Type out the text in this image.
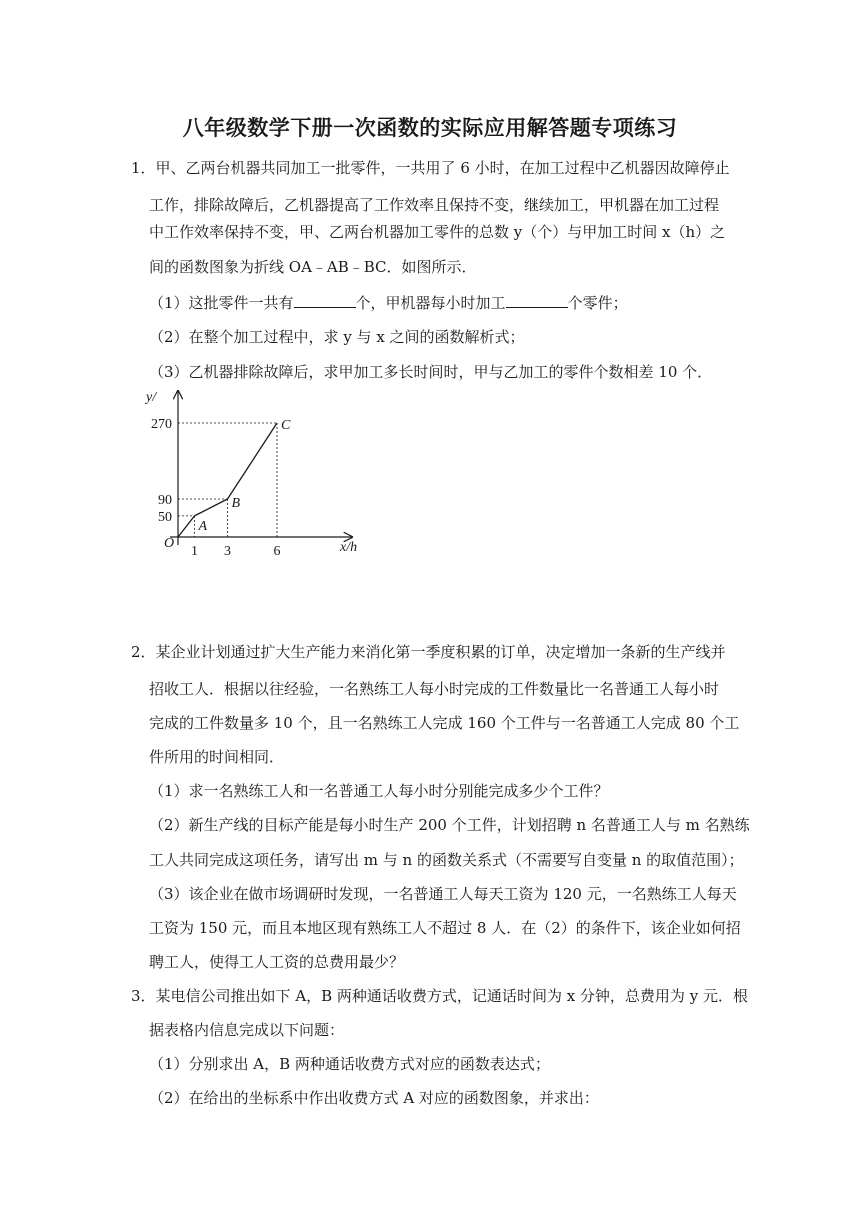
八年级数学下册一次函数的实际应用解答题专项练习
1．甲、乙两台机器共同加工一批零件，一共用了 6 小时，在加工过程中乙机器因故障停止
工作，排除故障后，乙机器提高了工作效率且保持不变，继续加工，甲机器在加工过程
中工作效率保持不变，甲、乙两台机器加工零件的总数 y（个）与甲加工时间 x（h）之
间的函数图象为折线 OA﹣AB﹣BC．如图所示．
（1）这批零件一共有	个，甲机器每小时加工	个零件；
（2）在整个加工过程中，求 y 与 x 之间的函数解析式；
（3）乙机器排除故障后，求甲加工多长时间时，甲与乙加工的零件个数相差 10 个．
O
A
B
C
50
90
270
1 3	6
y/
x/h
2．某企业计划通过扩大生产能力来消化第一季度积累的订单，决定增加一条新的生产线并
招收工人．根据以往经验，一名熟练工人每小时完成的工件数量比一名普通工人每小时
完成的工件数量多 10 个，且一名熟练工人完成 160 个工件与一名普通工人完成 80 个工
件所用的时间相同．
（1）求一名熟练工人和一名普通工人每小时分别能完成多少个工件？
（2）新生产线的目标产能是每小时生产 200 个工件，计划招聘 n 名普通工人与 m 名熟练
工人共同完成这项任务，请写出 m 与 n 的函数关系式（不需要写自变量 n 的取值范围）；
（3）该企业在做市场调研时发现，一名普通工人每天工资为 120 元，一名熟练工人每天
工资为 150 元，而且本地区现有熟练工人不超过 8 人．在（2）的条件下，该企业如何招
聘工人，使得工人工资的总费用最少？
3．某电信公司推出如下 A，B 两种通话收费方式，记通话时间为 x 分钟，总费用为 y 元．根
据表格内信息完成以下问题：
（1）分别求出 A，B 两种通话收费方式对应的函数表达式；
（2）在给出的坐标系中作出收费方式 A 对应的函数图象，并求出：
